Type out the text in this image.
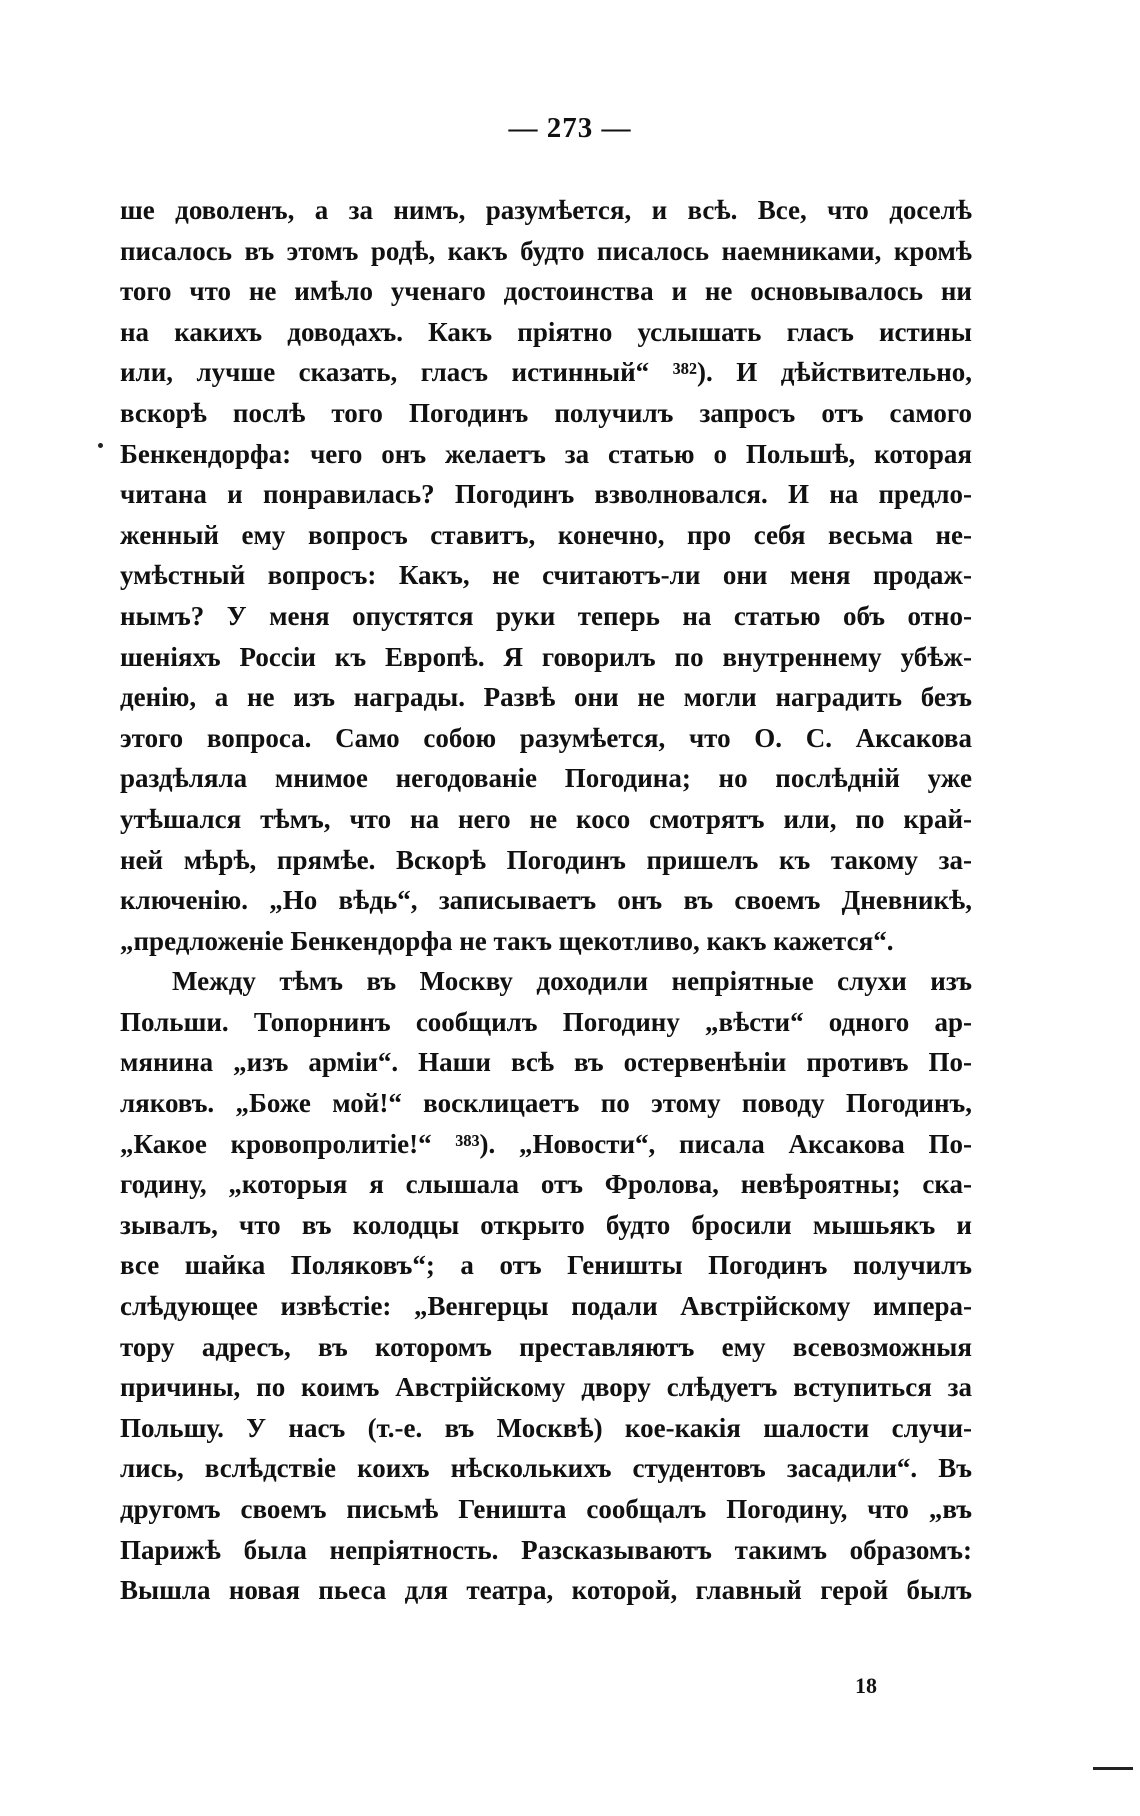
— 273 —
ше доволенъ, а за нимъ, разумѣется, и всѣ. Все, что доселѣ
писалось въ этомъ родѣ, какъ будто писалось наемниками, кромѣ
того что не имѣло ученаго достоинства и не основывалось ни
на какихъ доводахъ. Какъ пріятно услышать гласъ истины
или, лучше сказать, гласъ истинный“ ³⁸²). И дѣйствительно,
вскорѣ послѣ того Погодинъ получилъ запросъ отъ самого
Бенкендорфа: чего онъ желаетъ за статью о Польшѣ, которая
читана и понравилась? Погодинъ взволновался. И на предло-
женный ему вопросъ ставитъ, конечно, про себя весьма не-
умѣстный вопросъ: Какъ, не считаютъ-ли они меня продаж-
нымъ? У меня опустятся руки теперь на статью объ отно-
шеніяхъ Россіи къ Европѣ. Я говорилъ по внутреннему убѣж-
денію, а не изъ награды. Развѣ они не могли наградить безъ
этого вопроса. Само собою разумѣется, что О. С. Аксакова
раздѣляла мнимое негодованіе Погодина; но послѣдній уже
утѣшался тѣмъ, что на него не косо смотрятъ или, по край-
ней мѣрѣ, прямѣе. Вскорѣ Погодинъ пришелъ къ такому за-
ключенію. „Но вѣдь“, записываетъ онъ въ своемъ Дневникѣ,
„предложеніе Бенкендорфа не такъ щекотливо, какъ кажется“.
Между тѣмъ въ Москву доходили непріятные слухи изъ
Польши. Топорнинъ сообщилъ Погодину „вѣсти“ одного ар-
мянина „изъ арміи“. Наши всѣ въ остервенѣніи противъ По-
ляковъ. „Боже мой!“ восклицаетъ по этому поводу Погодинъ,
„Какое кровопролитіе!“ ³⁸³). „Новости“, писала Аксакова По-
годину, „которыя я слышала отъ Фролова, невѣроятны; ска-
зывалъ, что въ колодцы открыто будто бросили мышьякъ и
все шайка Поляковъ“; а отъ Геништы Погодинъ получилъ
слѣдующее извѣстіе: „Венгерцы подали Австрійскому импера-
тору адресъ, въ которомъ преставляютъ ему всевозможныя
причины, по коимъ Австрійскому двору слѣдуетъ вступиться за
Польшу. У насъ (т.-е. въ Москвѣ) кое-какія шалости случи-
лись, вслѣдствіе коихъ нѣсколькихъ студентовъ засадили“. Въ
другомъ своемъ письмѣ Геништа сообщалъ Погодину, что „въ
Парижѣ была непріятность. Разсказываютъ такимъ образомъ:
Вышла новая пьеса для театра, которой, главный герой былъ
18
